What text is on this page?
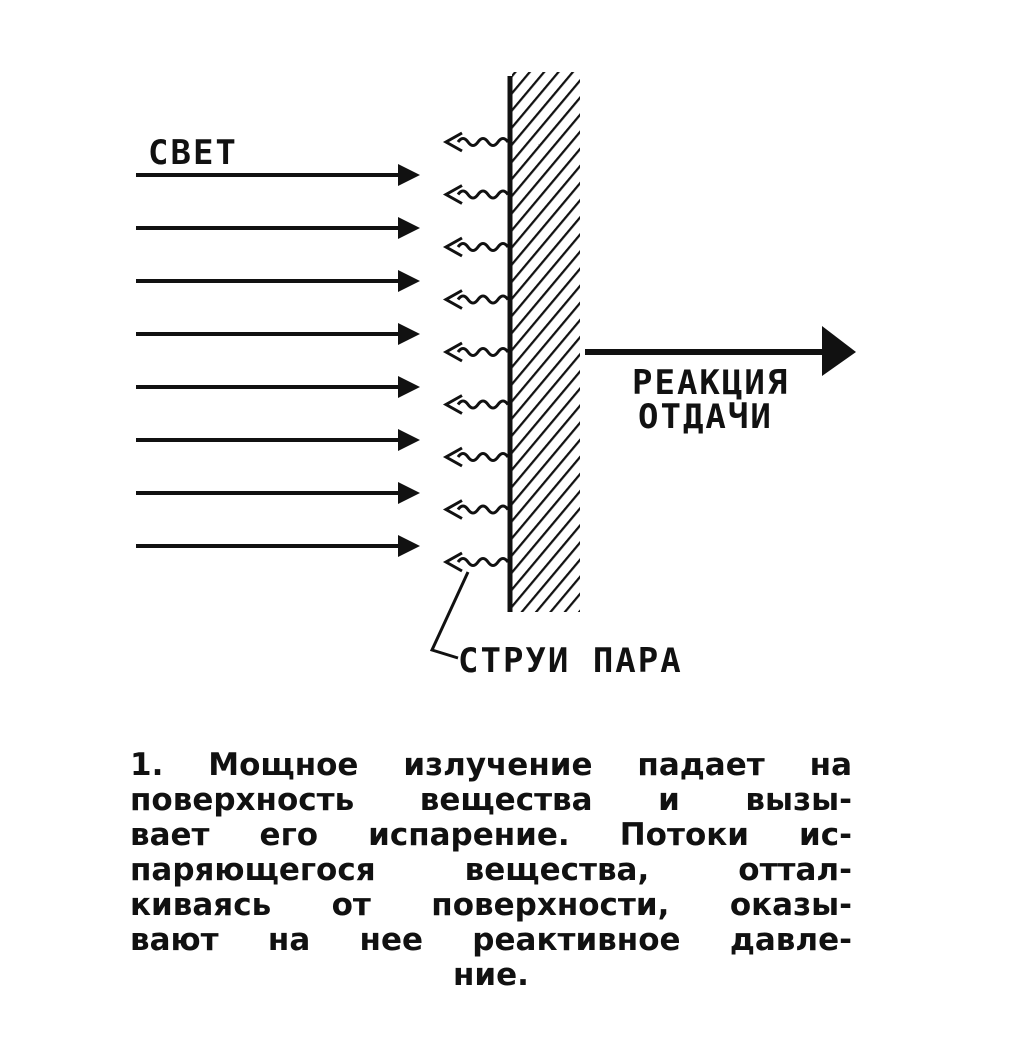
СВЕТ
РЕАКЦИЯ
ОТДАЧИ
СТРУИ ПАРА
1. Мощное излучение падает на
поверхность вещества и вызы-
вает его испарение. Потоки ис-
паряющегося вещества, оттал-
киваясь от поверхности, оказы-
вают на нее реактивное давле-
ние.
